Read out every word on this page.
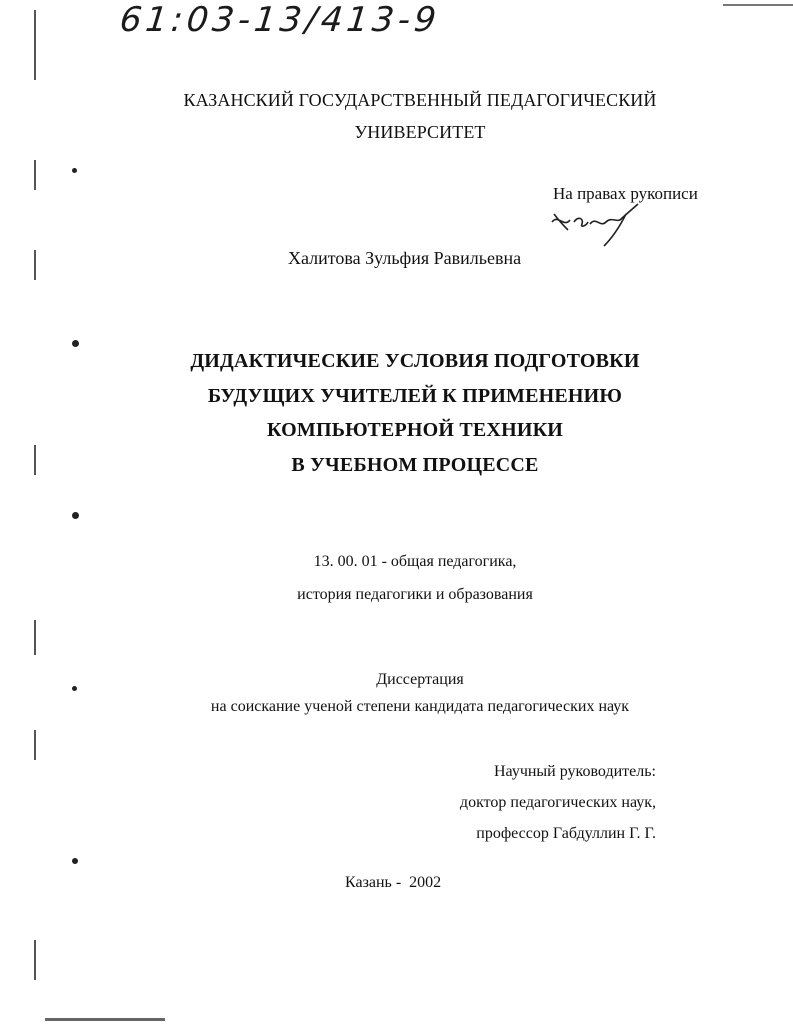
61:03-13/413-9
КАЗАНСКИЙ ГОСУДАРСТВЕННЫЙ ПЕДАГОГИЧЕСКИЙ
УНИВЕРСИТЕТ
На правах рукописи
Халитова Зульфия Равильевна
ДИДАКТИЧЕСКИЕ УСЛОВИЯ ПОДГОТОВКИ
БУДУЩИХ УЧИТЕЛЕЙ К ПРИМЕНЕНИЮ
КОМПЬЮТЕРНОЙ ТЕХНИКИ
В УЧЕБНОМ ПРОЦЕССЕ
13. 00. 01 - общая педагогика,
история педагогики и образования
Диссертация
на соискание ученой степени кандидата педагогических наук
Научный руководитель:
доктор педагогических наук,
профессор Габдуллин Г. Г.
Казань -  2002
